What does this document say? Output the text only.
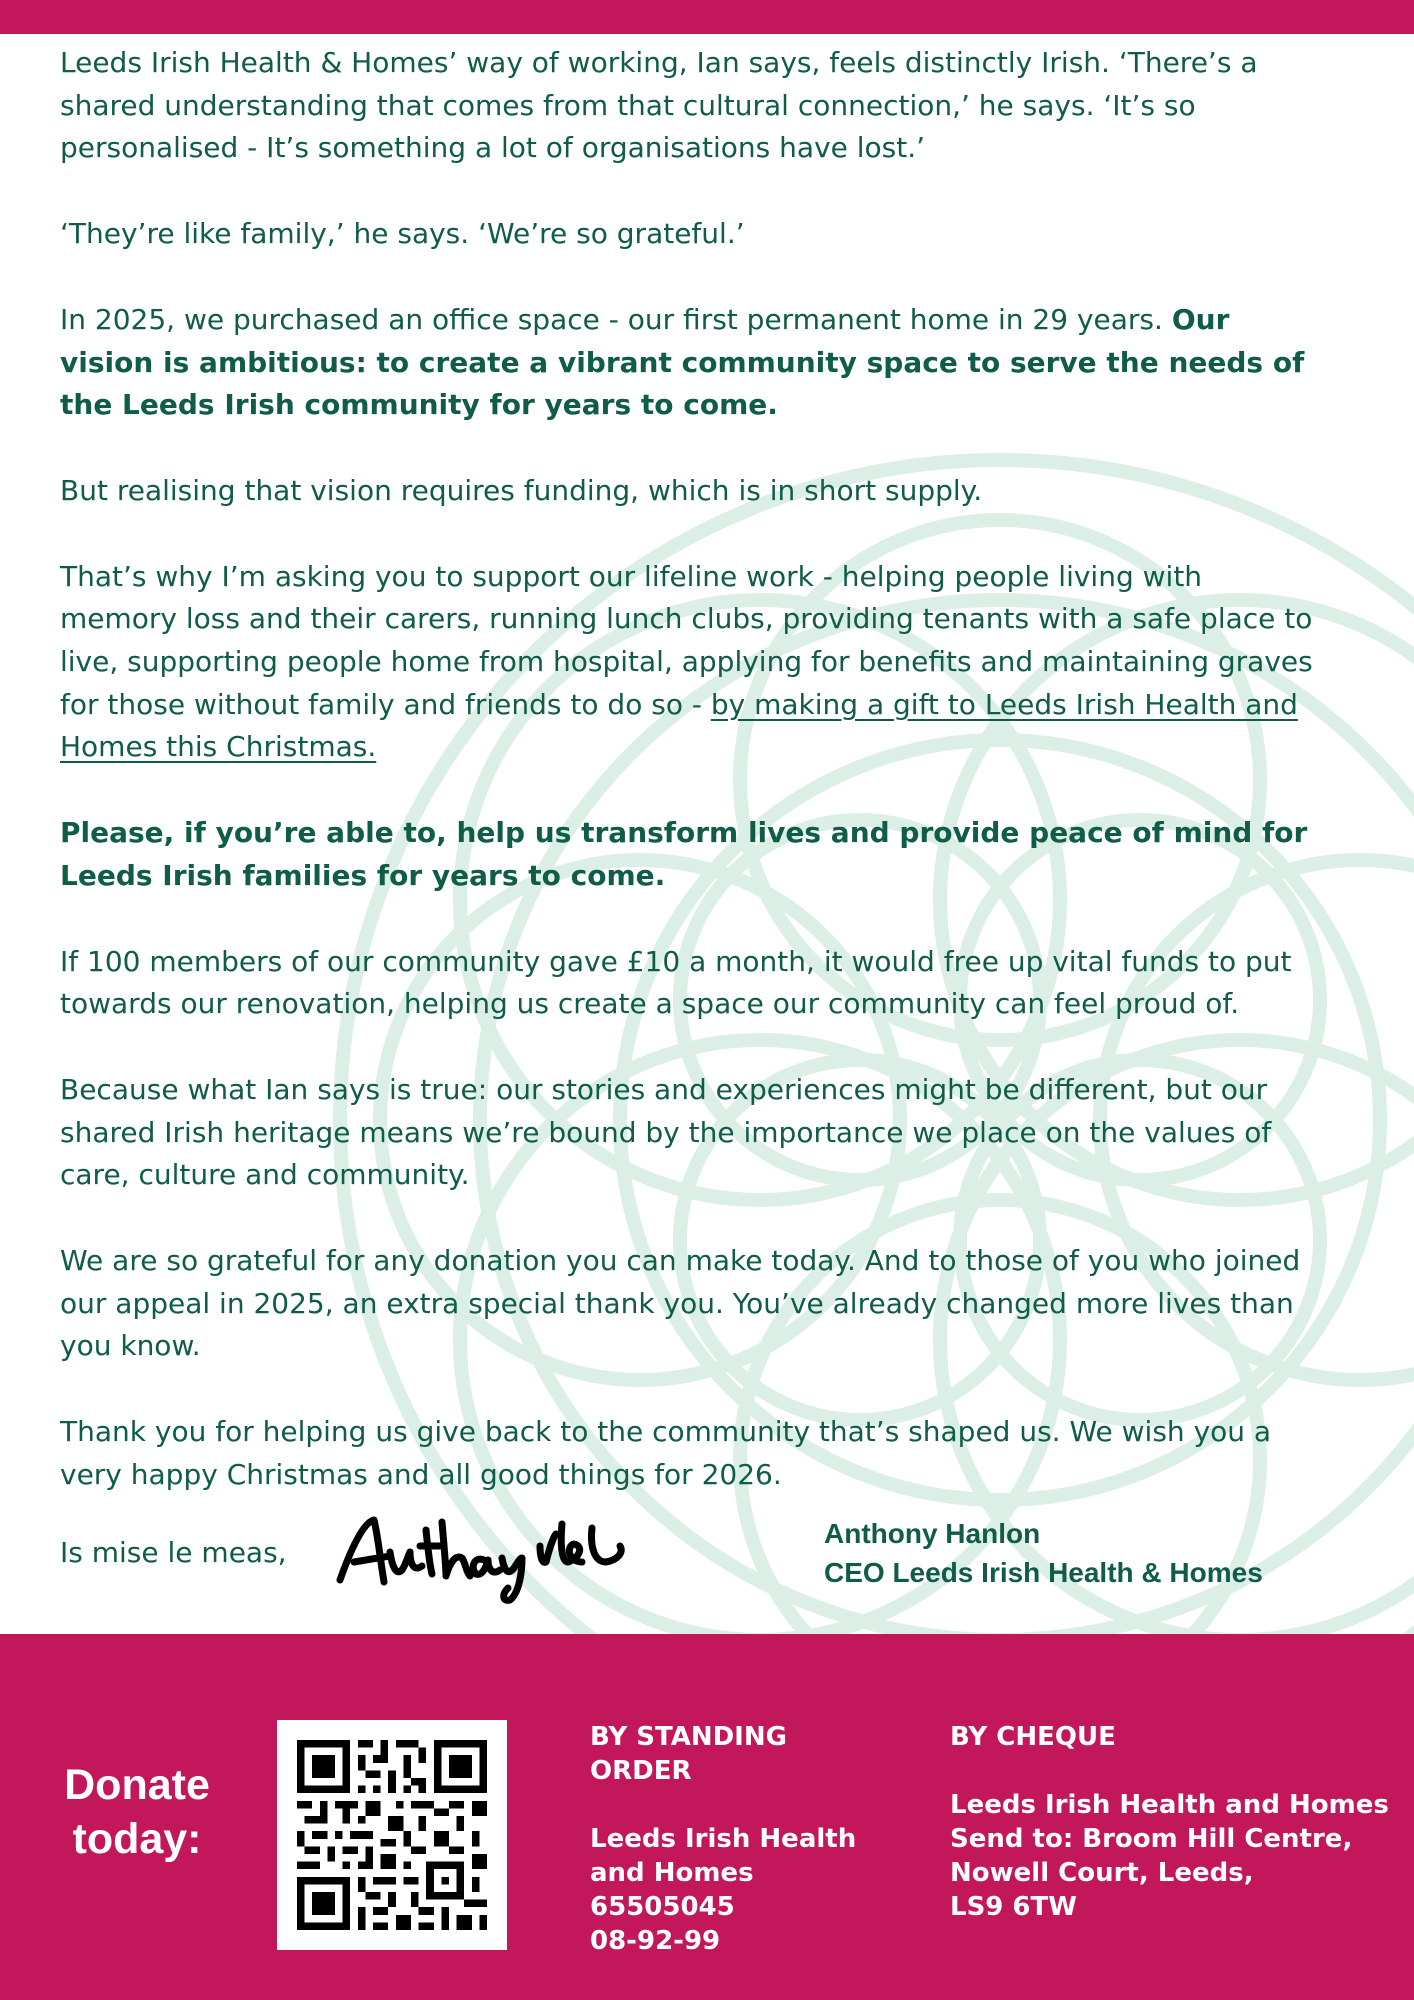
Leeds Irish Health & Homes’ way of working, Ian says, feels distinctly Irish. ‘There’s a shared understanding that comes from that cultural connection,’ he says. ‘It’s so personalised - It’s something a lot of organisations have lost.’

‘They’re like family,’ he says. ‘We’re so grateful.’

In 2025, we purchased an office space - our first permanent home in 29 years. Our vision is ambitious: to create a vibrant community space to serve the needs of the Leeds Irish community for years to come.

But realising that vision requires funding, which is in short supply.

That’s why I’m asking you to support our lifeline work - helping people living with memory loss and their carers, running lunch clubs, providing tenants with a safe place to live, supporting people home from hospital, applying for benefits and maintaining graves for those without family and friends to do so - by making a gift to Leeds Irish Health and Homes this Christmas.

Please, if you’re able to, help us transform lives and provide peace of mind for Leeds Irish families for years to come.

If 100 members of our community gave £10 a month, it would free up vital funds to put towards our renovation, helping us create a space our community can feel proud of.

Because what Ian says is true: our stories and experiences might be different, but our shared Irish heritage means we’re bound by the importance we place on the values of care, culture and community.

We are so grateful for any donation you can make today. And to those of you who joined our appeal in 2025, an extra special thank you. You’ve already changed more lives than you know.

Thank you for helping us give back to the community that’s shaped us. We wish you a very happy Christmas and all good things for 2026.

Is mise le meas,
Anthony Hanlon
CEO Leeds Irish Health & Homes
Donate
today:
BY STANDING ORDER
Leeds Irish Health
and Homes
65505045
08-92-99
BY CHEQUE
Leeds Irish Health and Homes
Send to: Broom Hill Centre,
Nowell Court, Leeds,
LS9 6TW
